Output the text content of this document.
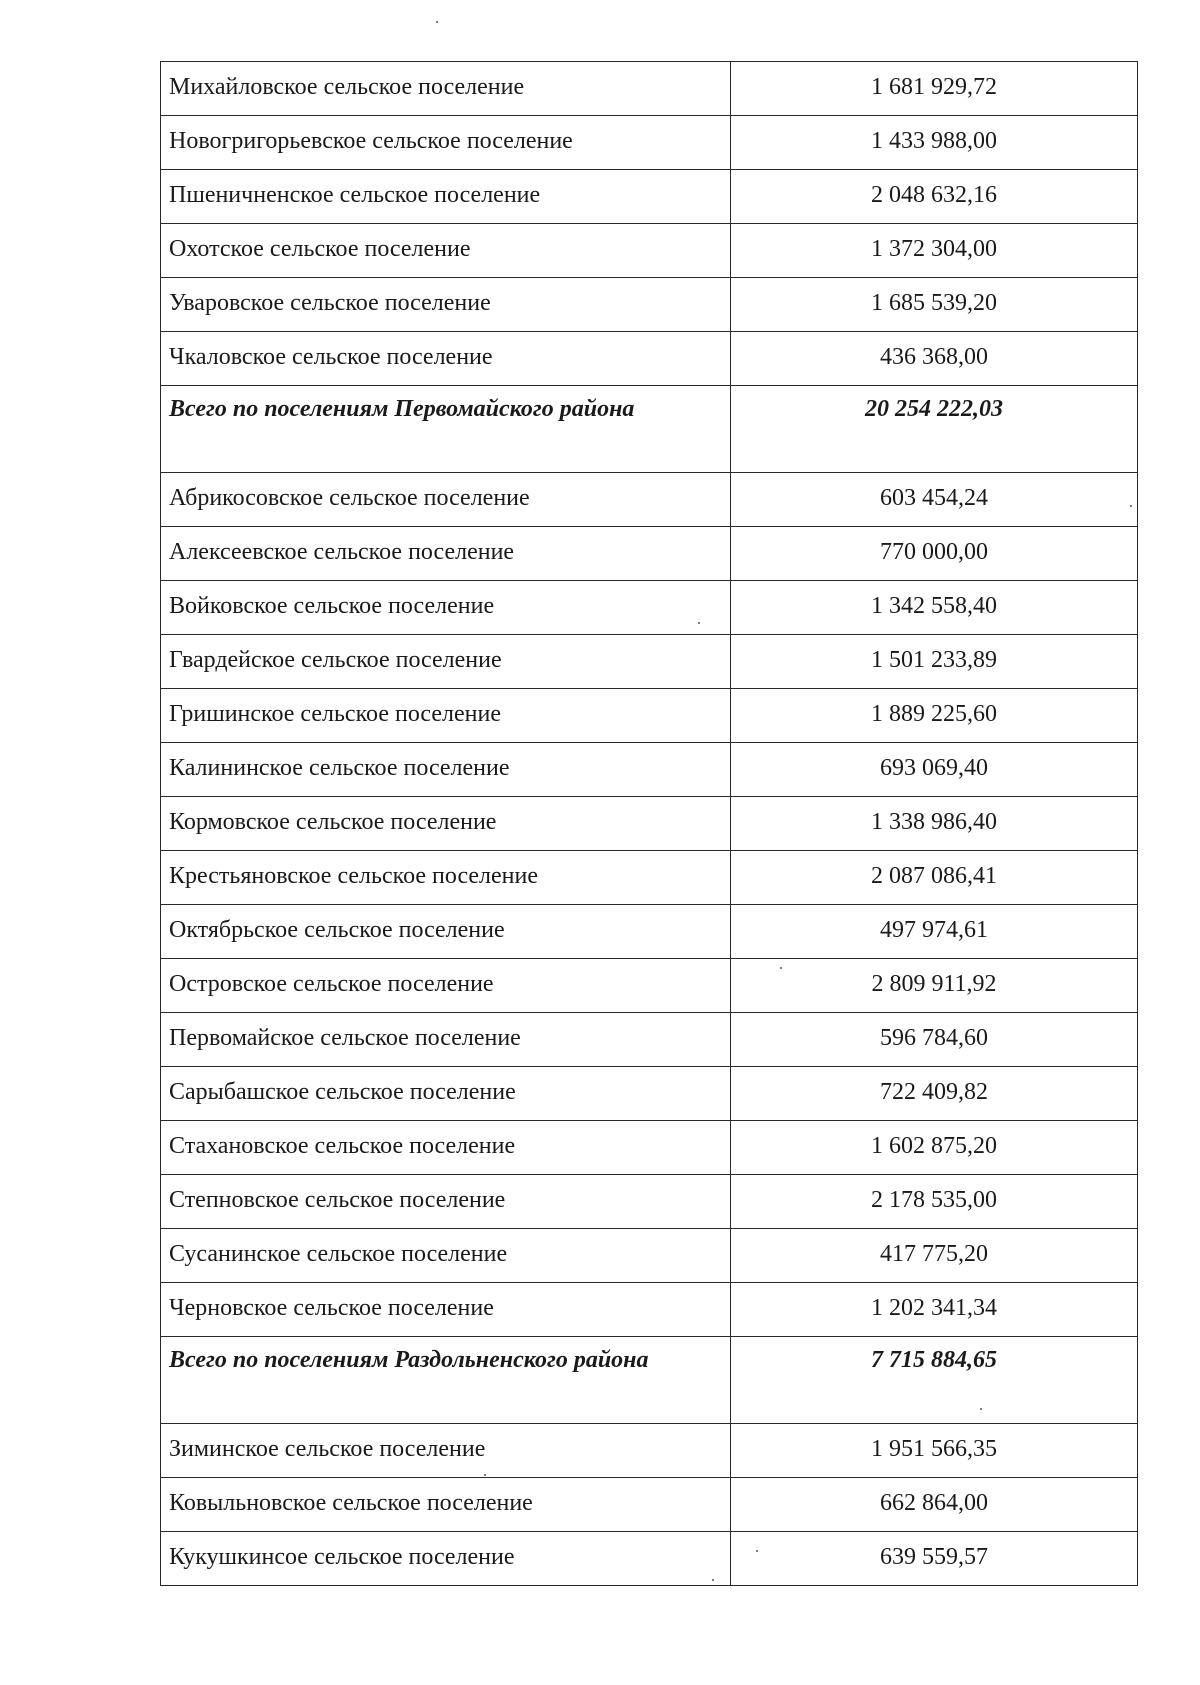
Михайловское сельское поселение	1 681 929,72
Новогригорьевское сельское поселение	1 433 988,00
Пшеничненское сельское поселение	2 048 632,16
Охотское сельское поселение	1 372 304,00
Уваровское сельское поселение	1 685 539,20
Чкаловское сельское поселение	436 368,00
Всего по поселениям Первомайского района	20 254 222,03
Абрикосовское сельское поселение	603 454,24
Алексеевское сельское поселение	770 000,00
Войковское сельское поселение	1 342 558,40
Гвардейское сельское поселение	1 501 233,89
Гришинское сельское поселение	1 889 225,60
Калининское сельское поселение	693 069,40
Кормовское сельское поселение	1 338 986,40
Крестьяновское сельское поселение	2 087 086,41
Октябрьское сельское поселение	497 974,61
Островское сельское поселение	2 809 911,92
Первомайское сельское поселение	596 784,60
Сарыбашское сельское поселение	722 409,82
Стахановское сельское поселение	1 602 875,20
Степновское сельское поселение	2 178 535,00
Сусанинское сельское поселение	417 775,20
Черновское сельское поселение	1 202 341,34
Всего по поселениям Раздольненского района	7 715 884,65
Зиминское сельское поселение	1 951 566,35
Ковыльновское сельское поселение	662 864,00
Кукушкинсое сельское поселение	639 559,57
